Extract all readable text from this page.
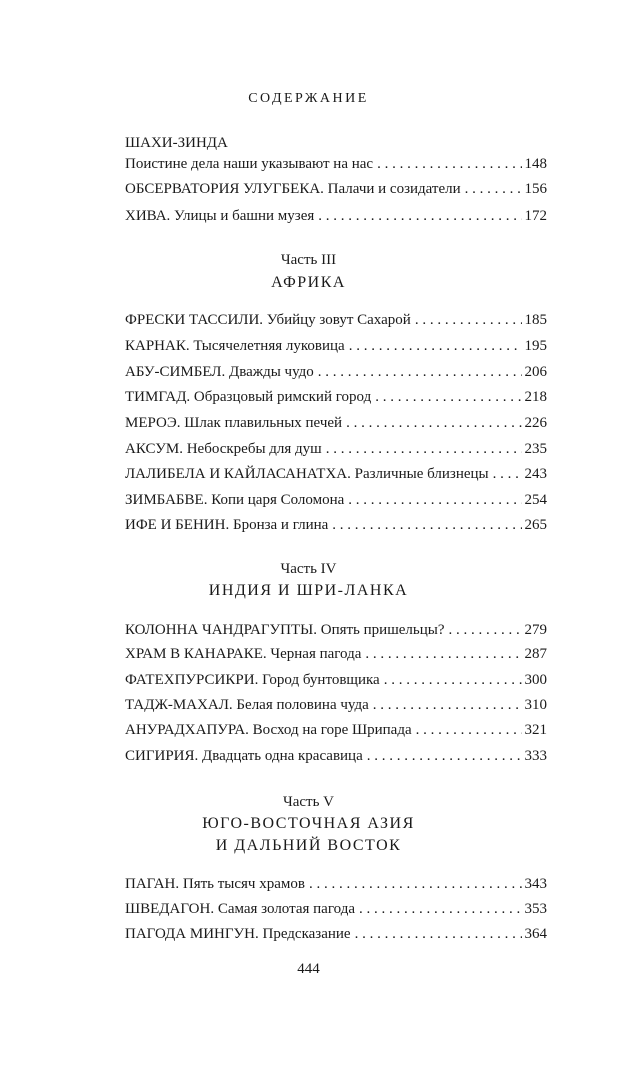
СОДЕРЖАНИЕ
ШАХИ-ЗИНДА
Поистине дела наши указывают на нас . . .	148
ОБСЕРВАТОРИЯ УЛУГБЕКА. Палачи и созидатели . . .	156
ХИВА. Улицы и башни музея . . .	172
Часть III
АФРИКА
ФРЕСКИ ТАССИЛИ. Убийцу зовут Сахарой . . .	185
КАРНАК. Тысячелетняя луковица . . .	195
АБУ-СИМБЕЛ. Дважды чудо . . .	206
ТИМГАД. Образцовый римский город . . .	218
МЕРОЭ. Шлак плавильных печей . . .	226
АКСУМ. Небоскребы для душ . . .	235
ЛАЛИБЕЛА И КАЙЛАСАНАТХА. Различные близнецы . . . 243
ЗИМБАБВЕ. Копи царя Соломона . . .	254
ИФЕ И БЕНИН. Бронза и глина . . .	265
Часть IV
ИНДИЯ И ШРИ-ЛАНКА
КОЛОННА ЧАНДРАГУПТЫ. Опять пришельцы? . . .	279
ХРАМ В КАНАРАКЕ. Черная пагода . . .	287
ФАТЕХПУРСИКРИ. Город бунтовщика . . .	300
ТАДЖ-МАХАЛ. Белая половина чуда . . .	310
АНУРАДХАПУРА. Восход на горе Шрипада . . .	321
СИГИРИЯ. Двадцать одна красавица . . .	333
Часть V
ЮГО-ВОСТОЧНАЯ АЗИЯ
И ДАЛЬНИЙ ВОСТОК
ПАГАН. Пять тысяч храмов . . .	343
ШВЕДАГОН. Самая золотая пагода . . .	353
ПАГОДА МИНГУН. Предсказание . . .	364
444
